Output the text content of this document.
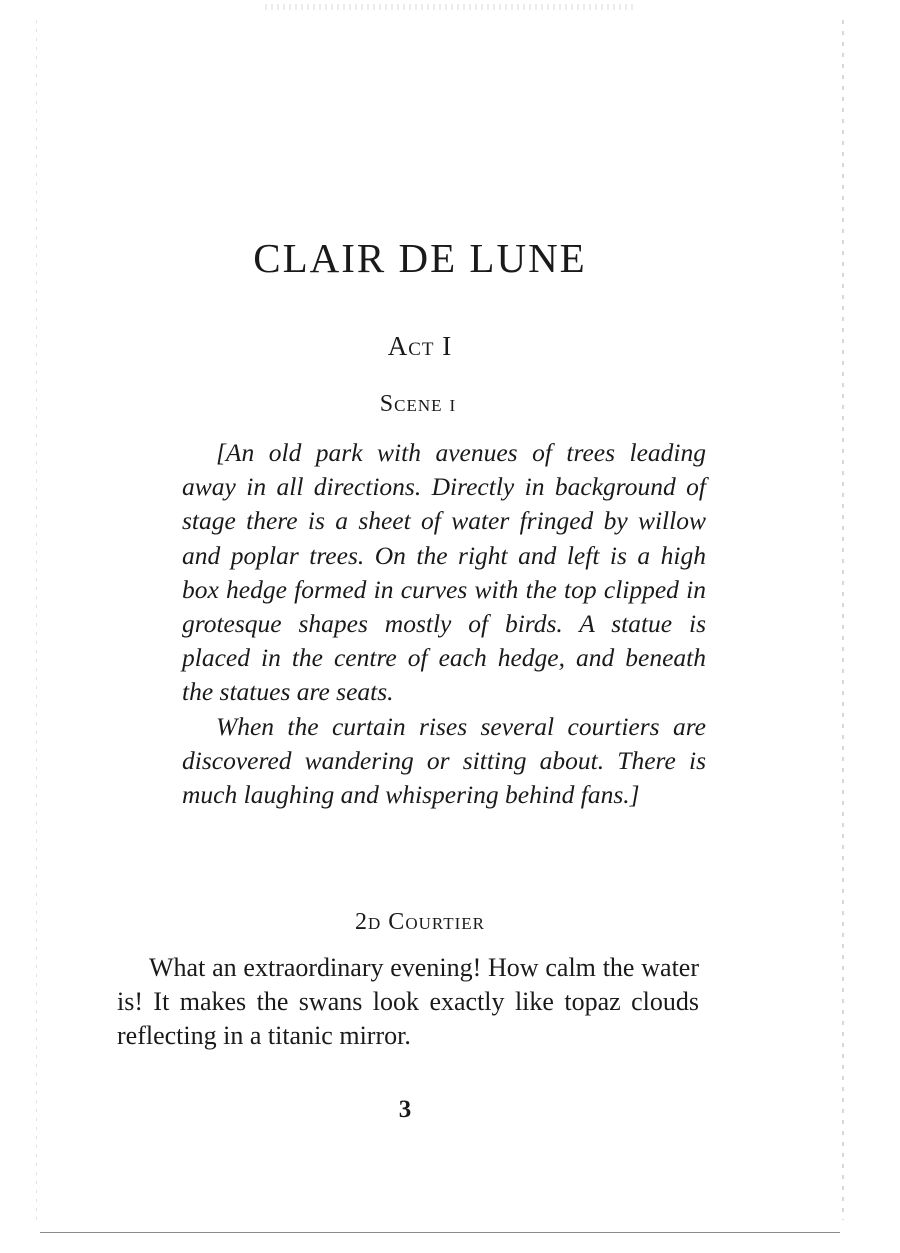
CLAIR DE LUNE
Act I
Scene i

[An old park with avenues of trees leading away in all directions. Directly in background of stage there is a sheet of water fringed by willow and poplar trees. On the right and left is a high box hedge formed in curves with the top clipped in grotesque shapes mostly of birds. A statue is placed in the centre of each hedge, and beneath the statues are seats.

When the curtain rises several courtiers are discovered wandering or sitting about. There is much laughing and whispering behind fans.]

2d Courtier

What an extraordinary evening! How calm the water is! It makes the swans look exactly like topaz clouds reflecting in a titanic mirror.

3
